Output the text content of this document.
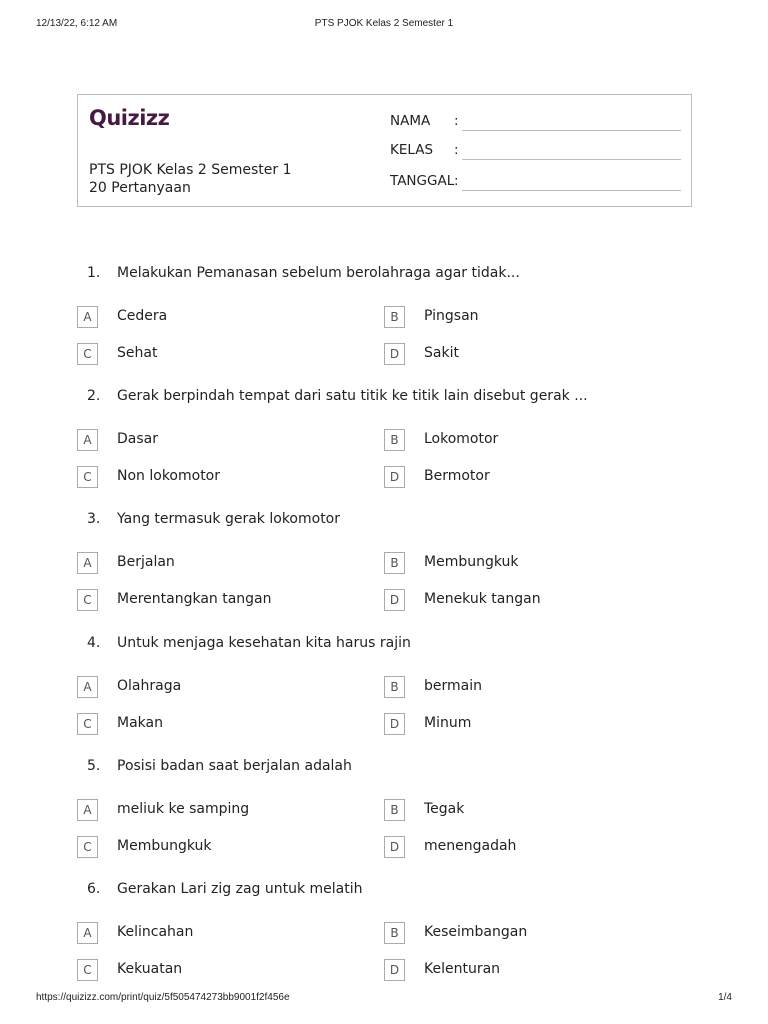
12/13/22, 6:12 AM	PTS PJOK Kelas 2 Semester 1
Quizizz
PTS PJOK Kelas 2 Semester 1
20 Pertanyaan
NAMA :
KELAS :
TANGGAL :
1. Melakukan Pemanasan sebelum berolahraga agar tidak...
A	Cedera	B	Pingsan
C	Sehat	D	Sakit
2. Gerak berpindah tempat dari satu titik ke titik lain disebut gerak ...
A	Dasar	B	Lokomotor
C	Non lokomotor	D	Bermotor
3. Yang termasuk gerak lokomotor
A	Berjalan	B	Membungkuk
C	Merentangkan tangan	D	Menekuk tangan
4. Untuk menjaga kesehatan kita harus rajin
A	Olahraga	B	bermain
C	Makan	D	Minum
5. Posisi badan saat berjalan adalah
A	meliuk ke samping	B	Tegak
C	Membungkuk	D	menengadah
6. Gerakan Lari zig zag untuk melatih
A	Kelincahan	B	Keseimbangan
C	Kekuatan	D	Kelenturan
https://quizizz.com/print/quiz/5f505474273bb9001f2f456e	1/4
